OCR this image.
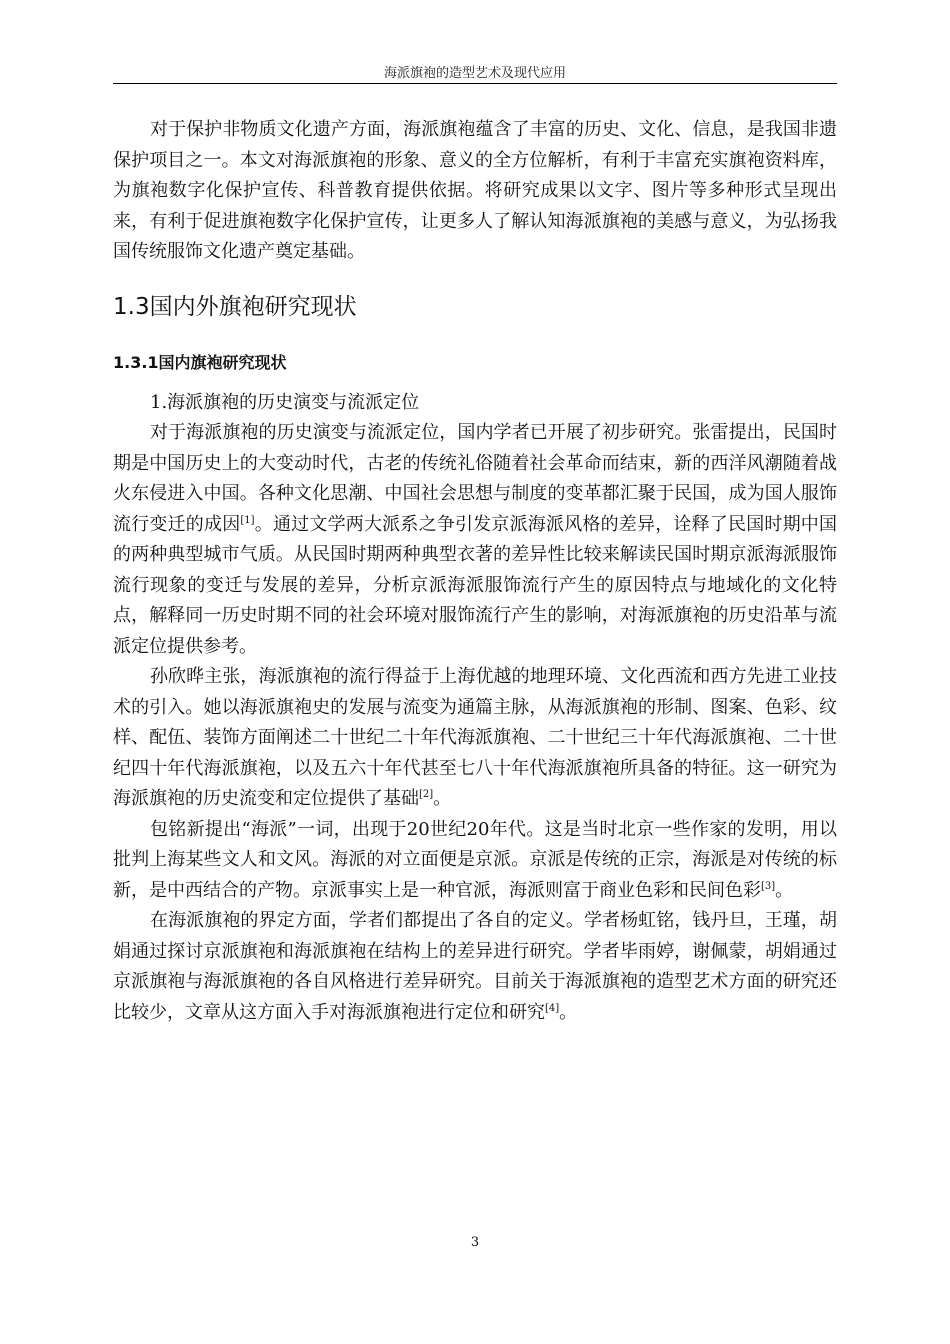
海派旗袍的造型艺术及现代应用

对于保护非物质文化遗产方面，海派旗袍蕴含了丰富的历史、文化、信息，是我国非遗保护项目之一。本文对海派旗袍的形象、意义的全方位解析，有利于丰富充实旗袍资料库，为旗袍数字化保护宣传、科普教育提供依据。将研究成果以文字、图片等多种形式呈现出来，有利于促进旗袍数字化保护宣传，让更多人了解认知海派旗袍的美感与意义，为弘扬我国传统服饰文化遗产奠定基础。

1.3国内外旗袍研究现状
1.3.1国内旗袍研究现状

1.海派旗袍的历史演变与流派定位

对于海派旗袍的历史演变与流派定位，国内学者已开展了初步研究。张雷提出，民国时期是中国历史上的大变动时代，古老的传统礼俗随着社会革命而结束，新的西洋风潮随着战火东侵进入中国。各种文化思潮、中国社会思想与制度的变革都汇聚于民国，成为国人服饰流行变迁的成因[1]。通过文学两大派系之争引发京派海派风格的差异，诠释了民国时期中国的两种典型城市气质。从民国时期两种典型衣著的差异性比较来解读民国时期京派海派服饰流行现象的变迁与发展的差异，分析京派海派服饰流行产生的原因特点与地域化的文化特点，解释同一历史时期不同的社会环境对服饰流行产生的影响，对海派旗袍的历史沿革与流派定位提供参考。

孙欣晔主张，海派旗袍的流行得益于上海优越的地理环境、文化西流和西方先进工业技术的引入。她以海派旗袍史的发展与流变为通篇主脉，从海派旗袍的形制、图案、色彩、纹样、配伍、装饰方面阐述二十世纪二十年代海派旗袍、二十世纪三十年代海派旗袍、二十世纪四十年代海派旗袍，以及五六十年代甚至七八十年代海派旗袍所具备的特征。这一研究为海派旗袍的历史流变和定位提供了基础[2]。

包铭新提出“海派”一词，出现于20世纪20年代。这是当时北京一些作家的发明，用以批判上海某些文人和文风。海派的对立面便是京派。京派是传统的正宗，海派是对传统的标新，是中西结合的产物。京派事实上是一种官派，海派则富于商业色彩和民间色彩[3]。

在海派旗袍的界定方面，学者们都提出了各自的定义。学者杨虹铭，钱丹旦，王瑾，胡娟通过探讨京派旗袍和海派旗袍在结构上的差异进行研究。学者毕雨婷，谢佩蒙，胡娟通过京派旗袍与海派旗袍的各自风格进行差异研究。目前关于海派旗袍的造型艺术方面的研究还比较少，文章从这方面入手对海派旗袍进行定位和研究[4]。

3
